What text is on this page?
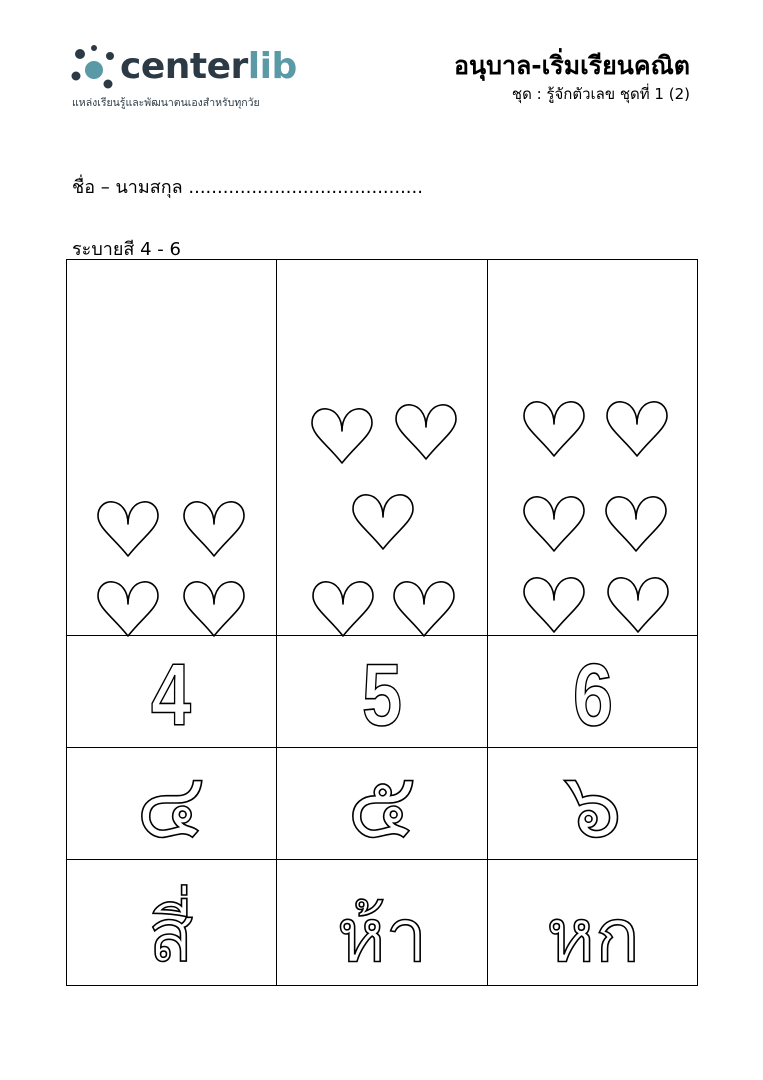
centerlib
แหล่งเรียนรู้และพัฒนาตนเองสำหรับทุกวัย
อนุบาล-เริ่มเรียนคณิต
ชุด : รู้จักตัวเลข ชุดที่ 1 (2)
ชื่อ – นามสกุล .........................................
ระบายสี 4 - 6
4 5 6
๔ ๕ ๖
สี่ ห้า หก
